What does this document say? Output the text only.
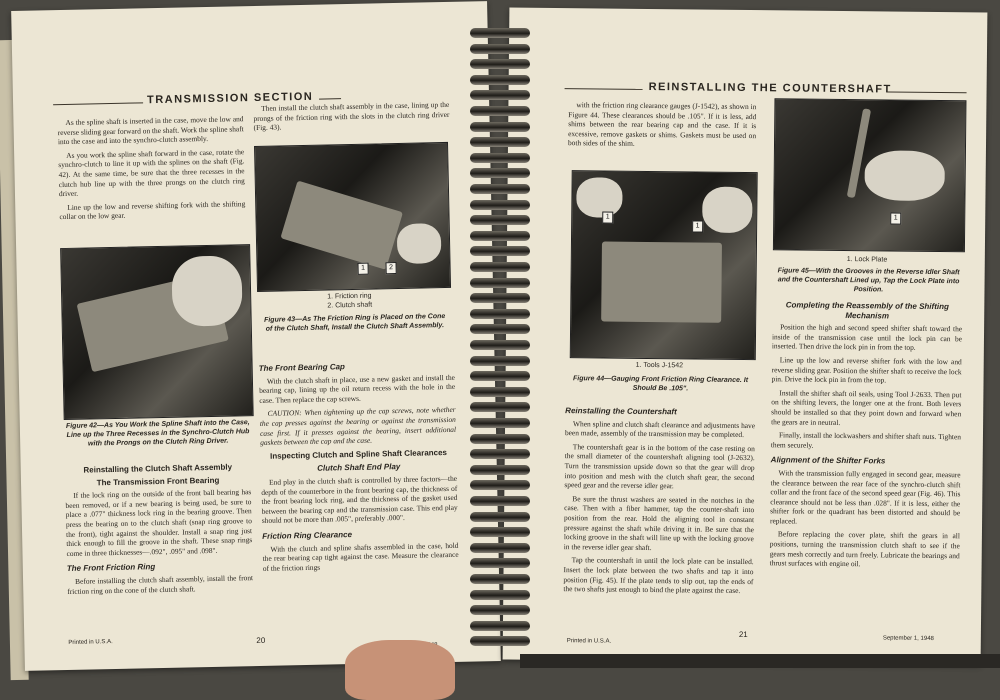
TRANSMISSION SECTION

As the spline shaft is inserted in the case, move the low and reverse sliding gear forward on the shaft. Work the spline shaft into the case and into the synchro-clutch assembly.

As you work the spline shaft forward in the case, rotate the synchro-clutch to line it up with the splines on the shaft (Fig. 42). At the same time, be sure that the three recesses in the clutch hub line up with the three prongs on the clutch ring driver.

Line up the low and reverse shifting fork with the shifting collar on the low gear.

Figure 42—As You Work the Spline Shaft into the Case, Line up the Three Recesses in the Synchro-Clutch Hub with the Prongs on the Clutch Ring Driver.
Reinstalling the Clutch Shaft Assembly
The Transmission Front Bearing

If the lock ring on the outside of the front ball bearing has been removed, or if a new bearing is being used, be sure to place a .077" thickness lock ring in the bearing groove. Then press the bearing on to the clutch shaft (snap ring groove to the front), tight against the shoulder. Install a snap ring just thick enough to fill the groove in the shaft. These snap rings come in three thicknesses—.092", .095" and .098".

The Front Friction Ring

Before installing the clutch shaft assembly, install the front friction ring on the cone of the clutch shaft.

Then install the clutch shaft assembly in the case, lining up the prongs of the friction ring with the slots in the clutch ring driver (Fig. 43).

1	2
1. Friction ring
2. Clutch shaft
Figure 43—As The Friction Ring is Placed on the Cone of the Clutch Shaft, Install the Clutch Shaft Assembly.
The Front Bearing Cap

With the clutch shaft in place, use a new gasket and install the bearing cap, lining up the oil return recess with the hole in the case. Then replace the cap screws.

CAUTION: When tightening up the cap screws, note whether the cap presses against the bearing or against the transmission case first. If it presses against the bearing, insert additional gaskets between the cap and the case.

Inspecting Clutch and Spline Shaft Clearances
Clutch Shaft End Play

End play in the clutch shaft is controlled by three factors—the depth of the counterbore in the front bearing cap, the thickness of the front bearing lock ring, and the thickness of the gasket used between the bearing cap and the transmission case. This end play should not be more than .005", preferably .000".

Friction Ring Clearance

With the clutch and spline shafts assembled in the case, hold the rear bearing cap tight against the case. Measure the clearance of the friction rings

Printed in U.S.A.	20
REINSTALLING THE COUNTERSHAFT

with the friction ring clearance gauges (J-1542), as shown in Figure 44. These clearances should be .105". If it is less, add shims between the rear bearing cap and the case. If it is excessive, remove gaskets or shims. Gaskets must be used on both sides of the shim.

1
1
1. Tools J-1542
Figure 44—Gauging Front Friction Ring Clearance. It Should Be .105".
Reinstalling the Countershaft

When spline and clutch shaft clearance and adjustments have been made, assembly of the transmission may be completed.

The countershaft gear is in the bottom of the case resting on the small diameter of the countershaft aligning tool (J-2632). Turn the transmission upside down so that the gear will drop into position and mesh with the clutch shaft gear, the second speed gear and the reverse idler gear.

Be sure the thrust washers are seated in the notches in the case. Then with a fiber hammer, tap the counter-shaft into position from the rear. Hold the aligning tool in constant pressure against the shaft while driving it in. Be sure that the locking groove in the shaft will line up with the locking groove in the reverse idler gear shaft.

Tap the countershaft in until the lock plate can be installed. Insert the lock plate between the two shafts and tap it into position (Fig. 45). If the plate tends to slip out, tap the ends of the two shafts just enough to bind the plate against the case.

1
1. Lock Plate
Figure 45—With the Grooves in the Reverse Idler Shaft and the Countershaft Lined up, Tap the Lock Plate into Position.
Completing the Reassembly of the Shifting Mechanism

Position the high and second speed shifter shaft toward the inside of the transmission case until the lock pin can be inserted. Then drive the lock pin in from the top.

Line up the low and reverse shifter fork with the low and reverse sliding gear. Position the shifter shaft to receive the lock pin. Drive the lock pin in from the top.

Install the shifter shaft oil seals, using Tool J-2633. Then put on the shifting levers, the longer one at the front. Both levers should be installed so that they point down and forward when the gears are in neutral.

Finally, install the lockwashers and shifter shaft nuts. Tighten them securely.

Alignment of the Shifter Forks

With the transmission fully engaged in second gear, measure the clearance between the rear face of the synchro-clutch shift collar and the front face of the second speed gear (Fig. 46). This clearance should not be less than .028". If it is less, either the shifter fork or the quadrant has been distorted and should be replaced.

Before replacing the cover plate, shift the gears in all positions, turning the transmission clutch shaft to see if the gears mesh correctly and turn freely. Lubricate the bearings and thrust surfaces with engine oil.

Printed in U.S.A.
21	September 1, 1948
